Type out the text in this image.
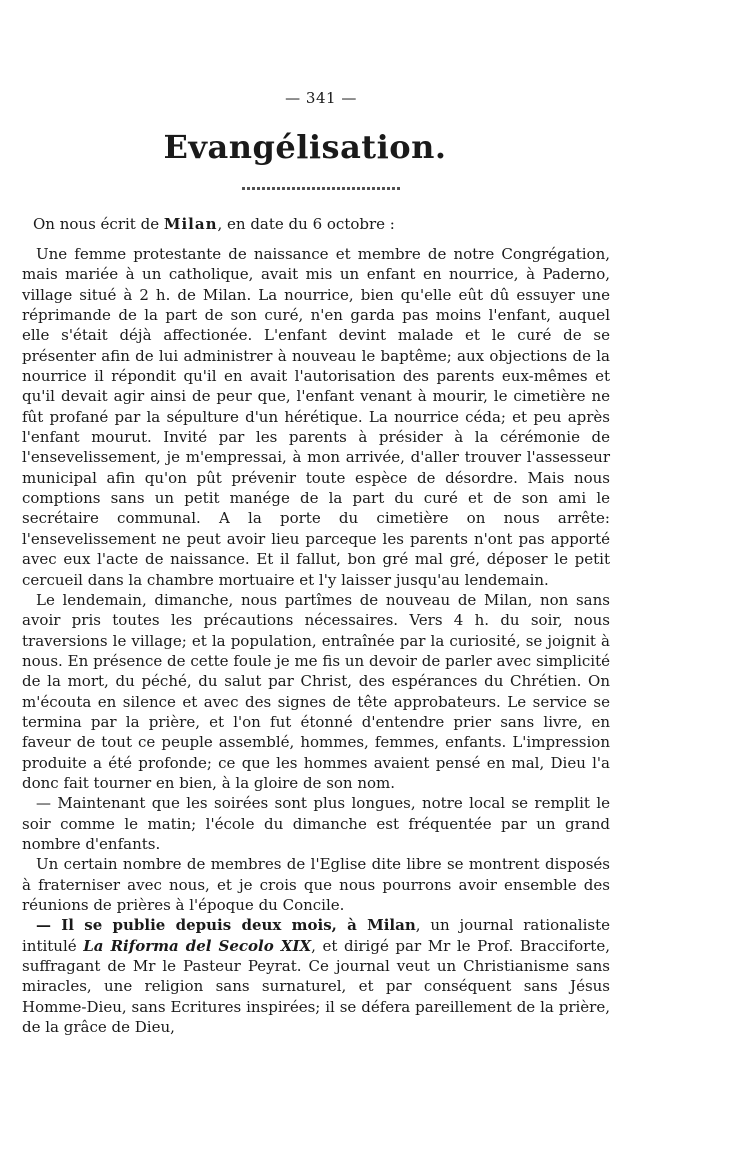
— 341 —
Evangélisation.
On nous écrit de Milan, en date du 6 octobre :

Une femme protestante de naissance et membre de notre Congrégation, mais mariée à un catholique, avait mis un enfant en nourrice, à Paderno, village situé à 2 h. de Milan. La nourrice, bien qu'elle eût dû essuyer une réprimande de la part de son curé, n'en garda pas moins l'enfant, auquel elle s'était déjà affectionée. L'enfant devint malade et le curé de se présenter afin de lui administrer à nouveau le baptême; aux objections de la nourrice il répondit qu'il en avait l'autorisation des parents eux-mêmes et qu'il devait agir ainsi de peur que, l'enfant venant à mourir, le cimetière ne fût profané par la sépulture d'un hérétique. La nourrice céda; et peu après l'enfant mourut. Invité par les parents à présider à la cérémonie de l'ensevelissement, je m'empressai, à mon arrivée, d'aller trouver l'assesseur municipal afin qu'on pût prévenir toute espèce de désordre. Mais nous comptions sans un petit manége de la part du curé et de son ami le secrétaire communal. A la porte du cimetière on nous arrête: l'ensevelissement ne peut avoir lieu parceque les parents n'ont pas apporté avec eux l'acte de naissance. Et il fallut, bon gré mal gré, déposer le petit cercueil dans la chambre mortuaire et l'y laisser jusqu'au lendemain.

Le lendemain, dimanche, nous partîmes de nouveau de Milan, non sans avoir pris toutes les précautions nécessaires. Vers 4 h. du soir, nous traversions le village; et la population, entraînée par la curiosité, se joignit à nous. En présence de cette foule je me fis un devoir de parler avec simplicité de la mort, du péché, du salut par Christ, des espérances du Chrétien. On m'écouta en silence et avec des signes de tête approbateurs. Le service se termina par la prière, et l'on fut étonné d'entendre prier sans livre, en faveur de tout ce peuple assemblé, hommes, femmes, enfants. L'impression produite a été profonde; ce que les hommes avaient pensé en mal, Dieu l'a donc fait tourner en bien, à la gloire de son nom.

— Maintenant que les soirées sont plus longues, notre local se remplit le soir comme le matin; l'école du dimanche est fréquentée par un grand nombre d'enfants.

Un certain nombre de membres de l'Eglise dite libre se montrent disposés à fraterniser avec nous, et je crois que nous pourrons avoir ensemble des réunions de prières à l'époque du Concile.

— Il se publie depuis deux mois, à Milan, un journal rationaliste intitulé La Riforma del Secolo XIX, et dirigé par Mr le Prof. Bracciforte, suffragant de Mr le Pasteur Peyrat. Ce journal veut un Christianisme sans miracles, une religion sans surnaturel, et par conséquent sans Jésus Homme-Dieu, sans Ecritures inspirées; il se défera pareillement de la prière, de la grâce de Dieu,
